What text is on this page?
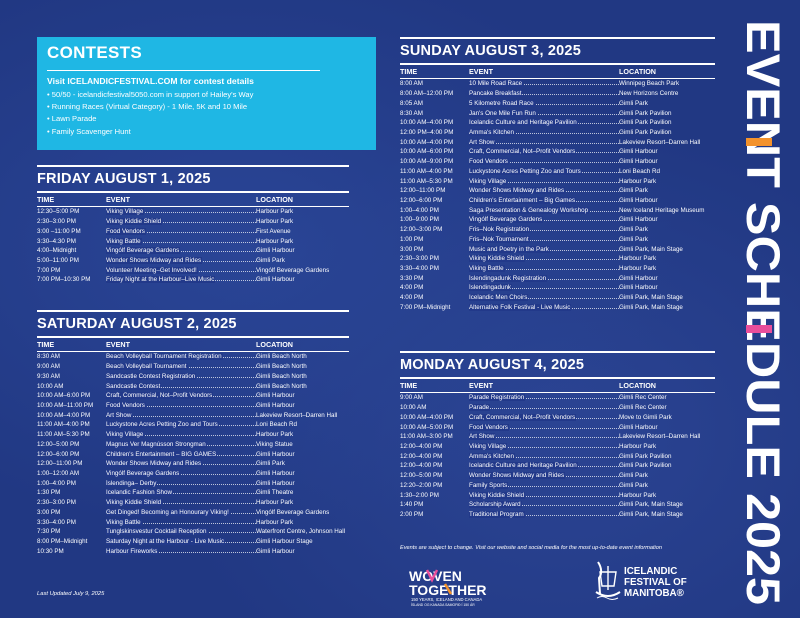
CONTESTS
Visit ICELANDICFESTIVAL.COM for contest details
• 50/50 - icelandicfestival5050.com in support of Hailey's Way
• Running Races (Virtual Category) - 1 Mile, 5K and 10 Mile
• Lawn Parade
• Family Scavenger Hunt
FRIDAY AUGUST 1, 2025
TIME	EVENT	LOCATION
12:30–5:00 PM	Viking Village	Harbour Park
2:30–3:00 PM	Viking Kiddie Shield	Harbour Park
3:00 –11:00 PM	Food Vendors	First Avenue
3:30–4:30 PM	Viking Battle	Harbour Park
4:00–Midnight	Vingólf Beverage Gardens	Gimli Harbour
5:00–11:00 PM	Wonder Shows Midway and Rides	Gimli Park
7:00 PM	Volunteer Meeting–Get Involved!	Vingólf Beverage Gardens
7:00 PM–10:30 PM	Friday Night at the Harbour–Live Music	Gimli Harbour
SATURDAY AUGUST 2, 2025
TIME	EVENT	LOCATION
8:30 AM	Beach Volleyball Tournament Registration	Gimli Beach North
9:00 AM	Beach Volleyball Tournament	Gimli Beach North
9:30 AM	Sandcastle Contest Registration	Gimli Beach North
10:00 AM	Sandcastle Contest	Gimli Beach North
10:00 AM–6:00 PM	Craft, Commercial, Not–Profit Vendors	Gimli Harbour
10:00 AM–11:00 PM	Food Vendors	Gimli Harbour
10:00 AM–4:00 PM	Art Show	Lakeview Resort–Darren Hall
11:00 AM–4:00 PM	Luckystone Acres Petting Zoo and Tours	Loni Beach Rd
11:00 AM–5:30 PM	Viking Village	Harbour Park
12:00–5:00 PM	Magnus Ver Magnússon Strongman	Viking Statue
12:00–6:00 PM	Children's Entertainment – BIG GAMES	Gimli Harbour
12:00–11:00 PM	Wonder Shows Midway and Rides	Gimli Park
1:00–12:00 AM	Vingólf Beverage Gardens	Gimli Harbour
1:00–4:00 PM	Íslendinga– Derby	Gimli Harbour
1:30 PM	Icelandic Fashion Show	Gimli Theatre
2:30–3:00 PM	Viking Kiddie Shield	Harbour Park
3:00 PM	Get Dinged! Becoming an Honourary Viking!	Vingólf Beverage Gardens
3:30–4:00 PM	Viking Battle	Harbour Park
7:30 PM	Tunglskinsvestur Cocktail Reception	Waterfront Centre, Johnson Hall
8:00 PM–Midnight	Saturday Night at the Harbour - Live Music	Gimli Harbour Stage
10:30 PM	Harbour Fireworks	Gimli Harbour
SUNDAY AUGUST 3, 2025
TIME	EVENT	LOCATION
8:00 AM	10 Mile Road Race	Winnipeg Beach Park
8:00 AM–12:00 PM	Pancake Breakfast	New Horizons Centre
8:05 AM	5 Kilometre Road Race	Gimli Park
8:30 AM	Jan's One Mile Fun Run	Gimli Park Pavilion
10:00 AM–4:00 PM	Icelandic Culture and Heritage Pavilion	Gimli Park Pavilion
12:00 PM–4:00 PM	Amma's Kitchen	Gimli Park Pavilion
10:00 AM–4:00 PM	Art Show	Lakeview Resort–Darren Hall
10:00 AM–6:00 PM	Craft, Commercial, Not–Profit Vendors	Gimli Harbour
10:00 AM–9:00 PM	Food Vendors	Gimli Harbour
11:00 AM–4:00 PM	Luckystone Acres Petting Zoo and Tours	Loni Beach Rd
11:00 AM–5:30 PM	Viking Village	Harbour Park
12:00–11:00 PM	Wonder Shows Midway and Rides	Gimli Park
12:00–6:00 PM	Children's Entertainment – Big Games	Gimli Harbour
1:00–4:00 PM	Saga Presentation & Genealogy Workshop	New Iceland Heritage Museum
1:00–9:00 PM	Vingólf Beverage Gardens	Gimli Harbour
12:00–3:00 PM	Fris–Nok Registration	Gimli Park
1:00 PM	Fris–Nok Tournament	Gimli Park
3:00 PM	Music and Poetry in the Park	Gimli Park, Main Stage
2:30–3:00 PM	Viking Kiddie Shield	Harbour Park
3:30–4:00 PM	Viking Battle	Harbour Park
3:30 PM	Íslendingadunk Registration	Gimli Harbour
4:00 PM	Íslendingadunk	Gimli Harbour
4:00 PM	Icelandic Men Choirs	Gimli Park, Main Stage
7:00 PM–Midnight	Alternative Folk Festival - Live Music	Gimli Park, Main Stage
MONDAY AUGUST 4, 2025
TIME	EVENT	LOCATION
9:00 AM	Parade Registration	Gimli Rec Center
10:00 AM	Parade	Gimli Rec Center
10:00 AM–4:00 PM	Craft, Commercial, Not–Profit Vendors	Move to Gimli Park
10:00 AM–5:00 PM	Food Vendors	Gimli Harbour
11:00 AM–3:00 PM	Art Show	Lakeview Resort–Darren Hall
12:00–4:00 PM	Viking Village	Harbour Park
12:00–4:00 PM	Amma's Kitchen	Gimli Park Pavilion
12:00–4:00 PM	Icelandic Culture and Heritage Pavilion	Gimli Park Pavilion
12:00–5:00 PM	Wonder Shows Midway and Rides	Gimli Park
12:20–2:00 PM	Family Sports	Gimli Park
1:30–2:00 PM	Viking Kiddie Shield	Harbour Park
1:40 PM	Scholarship Award	Gimli Park, Main Stage
2:00 PM	Traditional Program	Gimli Park, Main Stage
Events are subject to change. Visit our website and social media for the most up-to-date event information
Last Updated July 9, 2025
EVENT SCHEDULE 2025
WOVEN
TOGETHER
150 YEARS, ICELAND AND CANADA
ÍSLAND OG KANADA SAMOFIÐ Í 150 ÁR
ICELANDIC
FESTIVAL OF
MANITOBA®
